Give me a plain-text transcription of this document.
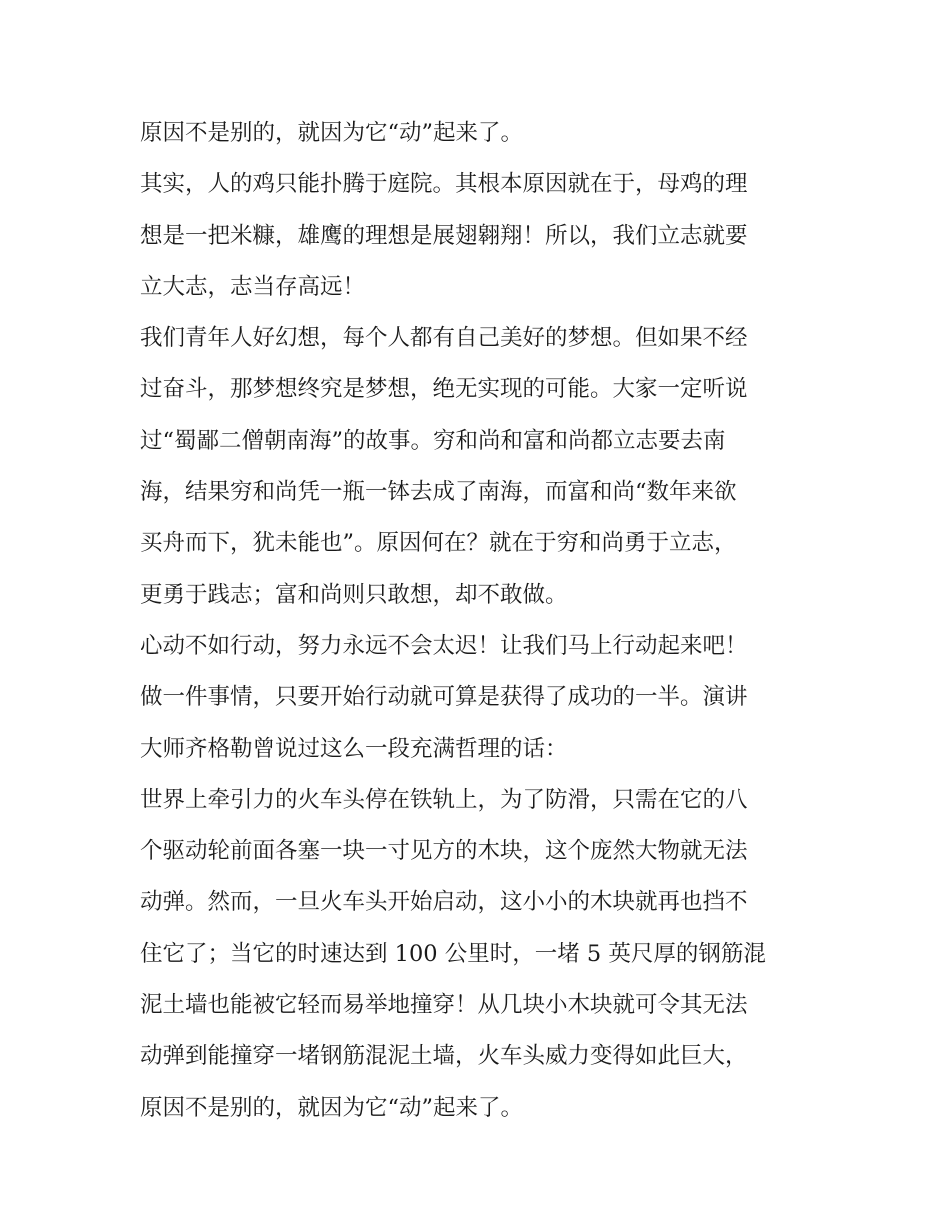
原因不是别的，就因为它“动”起来了。
其实，人的鸡只能扑腾于庭院。其根本原因就在于，母鸡的理
想是一把米糠，雄鹰的理想是展翅翱翔！所以，我们立志就要
立大志，志当存高远！
我们青年人好幻想，每个人都有自己美好的梦想。但如果不经
过奋斗，那梦想终究是梦想，绝无实现的可能。大家一定听说
过“蜀鄙二僧朝南海”的故事。穷和尚和富和尚都立志要去南
海，结果穷和尚凭一瓶一钵去成了南海，而富和尚“数年来欲
买舟而下，犹未能也”。原因何在？就在于穷和尚勇于立志，
更勇于践志；富和尚则只敢想，却不敢做。
心动不如行动，努力永远不会太迟！让我们马上行动起来吧！
做一件事情，只要开始行动就可算是获得了成功的一半。演讲
大师齐格勒曾说过这么一段充满哲理的话：
世界上牵引力的火车头停在铁轨上，为了防滑，只需在它的八
个驱动轮前面各塞一块一寸见方的木块，这个庞然大物就无法
动弹。然而，一旦火车头开始启动，这小小的木块就再也挡不
住它了；当它的时速达到 100 公里时，一堵 5 英尺厚的钢筋混
泥土墙也能被它轻而易举地撞穿！从几块小木块就可令其无法
动弹到能撞穿一堵钢筋混泥土墙，火车头威力变得如此巨大，
原因不是别的，就因为它“动”起来了。
